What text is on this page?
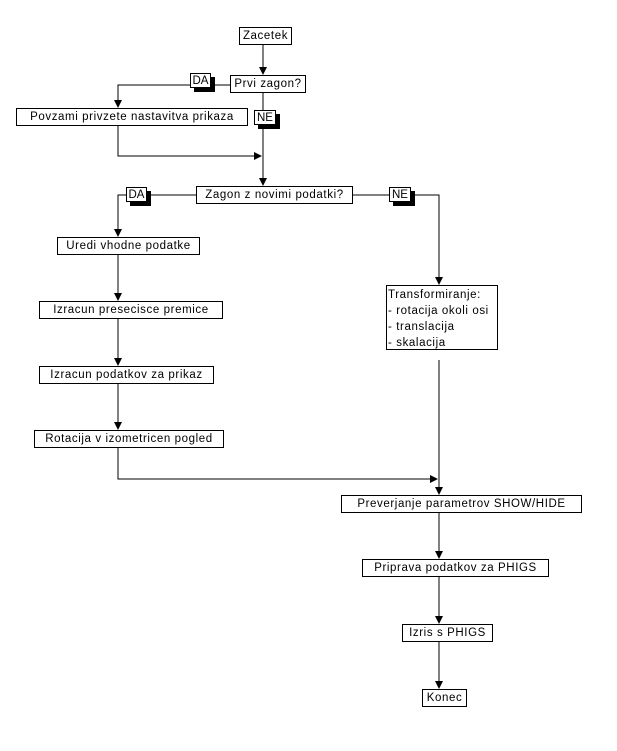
Zacetek
Prvi zagon?
Povzami privzete nastavitva prikaza
Zagon z novimi podatki?
Uredi vhodne podatke
Izracun presecisce premice
Izracun podatkov za prikaz
Rotacija v izometricen pogled
Transformiranje:
- rotacija okoli osi
- translacija
- skalacija
Preverjanje parametrov SHOW/HIDE
Priprava podatkov za PHIGS
Izris s PHIGS
Konec
DA
NE
DA	NE
